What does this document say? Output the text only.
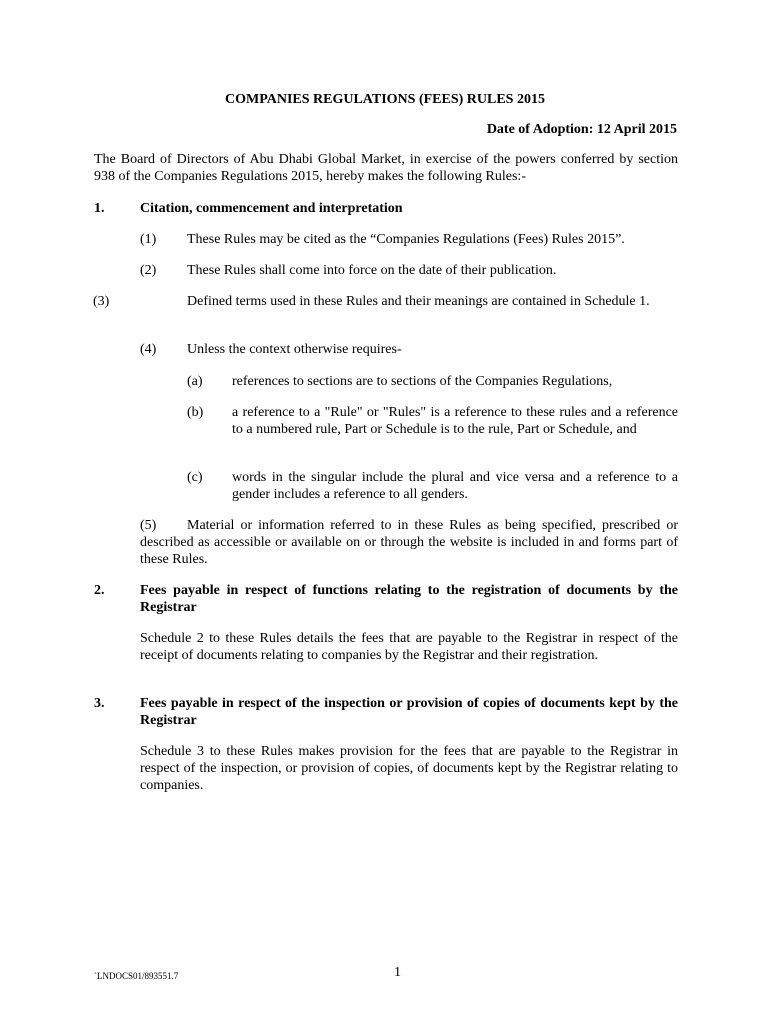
COMPANIES REGULATIONS (FEES) RULES 2015
Date of Adoption: 12 April 2015
The Board of Directors of Abu Dhabi Global Market, in exercise of the powers conferred by section 938 of the Companies Regulations 2015, hereby makes the following Rules:-
1.	Citation, commencement and interpretation
(1) These Rules may be cited as the “Companies Regulations (Fees) Rules 2015”.
(2) These Rules shall come into force on the date of their publication.
(3)	Defined terms used in these Rules and their meanings are contained in Schedule 1.
(4) Unless the context otherwise requires-
(a) references to sections are to sections of the Companies Regulations,
(b) a reference to a "Rule" or "Rules" is a reference to these rules and a reference to a numbered rule, Part or Schedule is to the rule, Part or Schedule, and
(c) words in the singular include the plural and vice versa and a reference to a gender includes a reference to all genders.
(5) Material or information referred to in these Rules as being specified, prescribed or described as accessible or available on or through the website is included in and forms part of these Rules.
2.	Fees payable in respect of functions relating to the registration of documents by the Registrar
Schedule 2 to these Rules details the fees that are payable to the Registrar in respect of the receipt of documents relating to companies by the Registrar and their registration.
3.	Fees payable in respect of the inspection or provision of copies of documents kept by the Registrar
Schedule 3 to these Rules makes provision for the fees that are payable to the Registrar in respect of the inspection, or provision of copies, of documents kept by the Registrar relating to companies.
`LNDOCS01/893551.7	1
